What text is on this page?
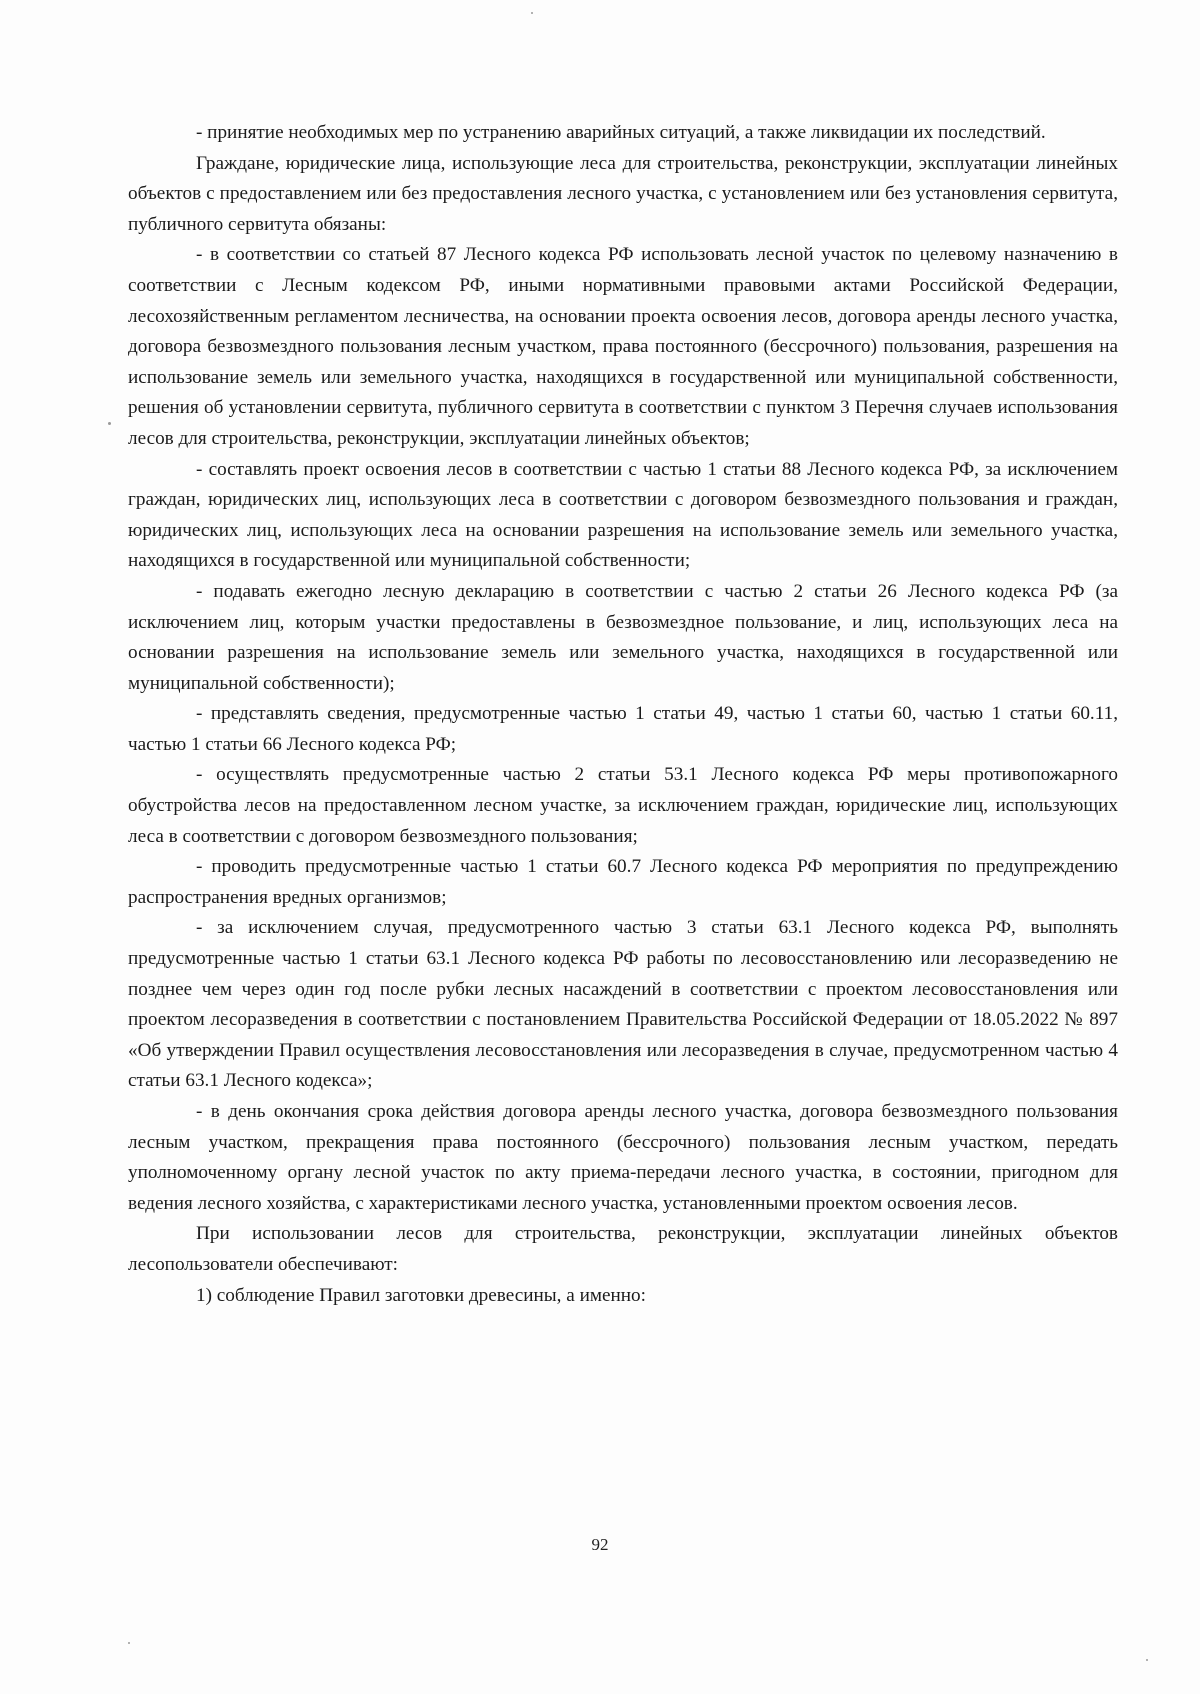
- принятие необходимых мер по устранению аварийных ситуаций, а также ликвидации их последствий.

Граждане, юридические лица, использующие леса для строительства, реконструкции, эксплуатации линейных объектов с предоставлением или без предоставления лесного участка, с установлением или без установления сервитута, публичного сервитута обязаны:

- в соответствии со статьей 87 Лесного кодекса РФ использовать лесной участок по целевому назначению в соответствии с Лесным кодексом РФ, иными нормативными правовыми актами Российской Федерации, лесохозяйственным регламентом лесничества, на основании проекта освоения лесов, договора аренды лесного участка, договора безвозмездного пользования лесным участком, права постоянного (бессрочного) пользования, разрешения на использование земель или земельного участка, находящихся в государственной или муниципальной собственности, решения об установлении сервитута, публичного сервитута в соответствии с пунктом 3 Перечня случаев использования лесов для строительства, реконструкции, эксплуатации линейных объектов;

- составлять проект освоения лесов в соответствии с частью 1 статьи 88 Лесного кодекса РФ, за исключением граждан, юридических лиц, использующих леса в соответствии с договором безвозмездного пользования и граждан, юридических лиц, использующих леса на основании разрешения на использование земель или земельного участка, находящихся в государственной или муниципальной собственности;

- подавать ежегодно лесную декларацию в соответствии с частью 2 статьи 26 Лесного кодекса РФ (за исключением лиц, которым участки предоставлены в безвозмездное пользование, и лиц, использующих леса на основании разрешения на использование земель или земельного участка, находящихся в государственной или муниципальной собственности);

- представлять сведения, предусмотренные частью 1 статьи 49, частью 1 статьи 60, частью 1 статьи 60.11, частью 1 статьи 66 Лесного кодекса РФ;

- осуществлять предусмотренные частью 2 статьи 53.1 Лесного кодекса РФ меры противопожарного обустройства лесов на предоставленном лесном участке, за исключением граждан, юридические лиц, использующих леса в соответствии с договором безвозмездного пользования;

- проводить предусмотренные частью 1 статьи 60.7 Лесного кодекса РФ мероприятия по предупреждению распространения вредных организмов;

- за исключением случая, предусмотренного частью 3 статьи 63.1 Лесного кодекса РФ, выполнять предусмотренные частью 1 статьи 63.1 Лесного кодекса РФ работы по лесовосстановлению или лесоразведению не позднее чем через один год после рубки лесных насаждений в соответствии с проектом лесовосстановления или проектом лесоразведения в соответствии с постановлением Правительства Российской Федерации от 18.05.2022 № 897 «Об утверждении Правил осуществления лесовосстановления или лесоразведения в случае, предусмотренном частью 4 статьи 63.1 Лесного кодекса»;

- в день окончания срока действия договора аренды лесного участка, договора безвозмездного пользования лесным участком, прекращения права постоянного (бессрочного) пользования лесным участком, передать уполномоченному органу лесной участок по акту приема-передачи лесного участка, в состоянии, пригодном для ведения лесного хозяйства, с характеристиками лесного участка, установленными проектом освоения лесов.

При использовании лесов для строительства, реконструкции, эксплуатации линейных объектов лесопользователи обеспечивают:

1) соблюдение Правил заготовки древесины, а именно:

92
